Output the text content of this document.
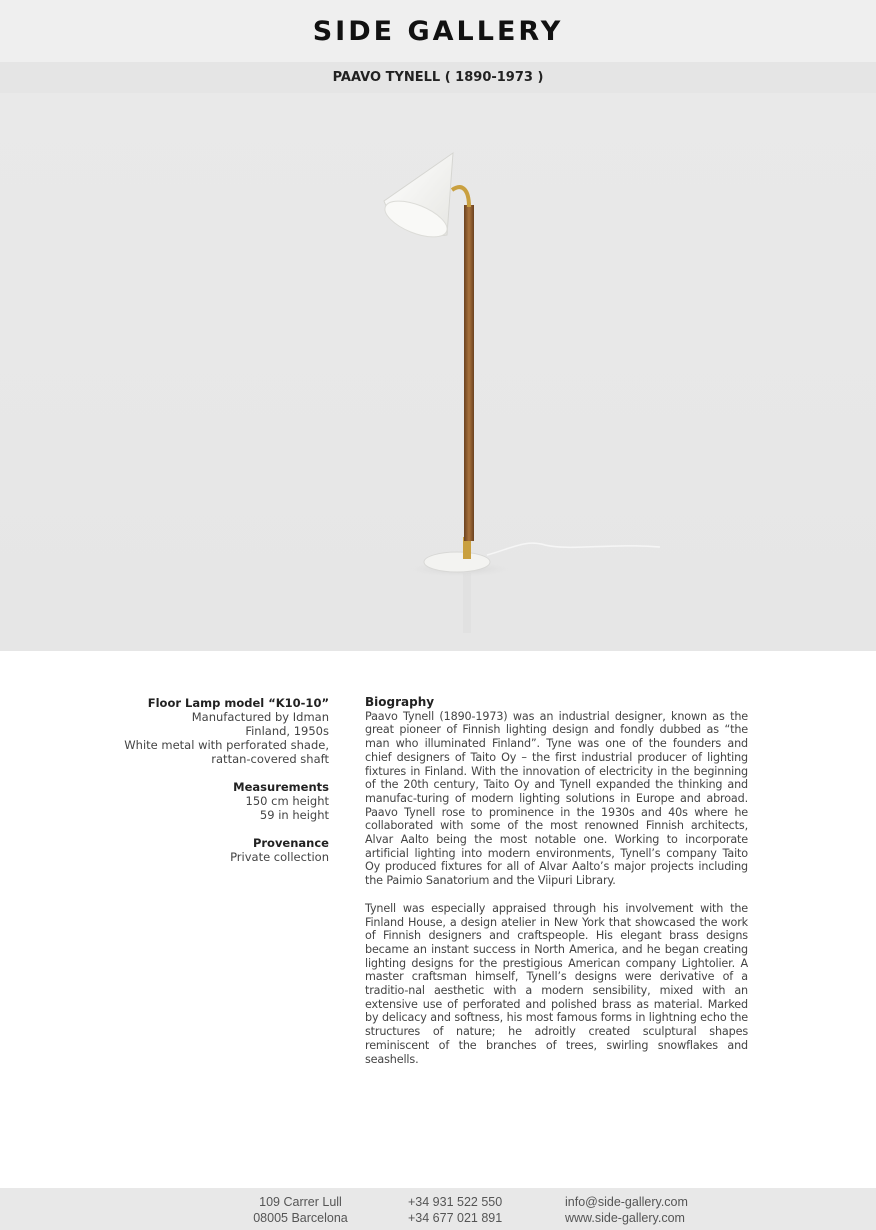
SIDE GALLERY
PAAVO TYNELL ( 1890-1973 )
Floor Lamp model “K10-10”
Manufactured by Idman
Finland, 1950s
White metal with perforated shade,
rattan-covered shaft
Measurements
150 cm height
59 in height
Provenance
Private collection
Biography

Paavo Tynell (1890-1973) was an industrial designer, known as the great pioneer of Finnish lighting design and fondly dubbed as “the man who illuminated Finland”. Tyne was one of the founders and chief designers of Taito Oy – the first industrial producer of lighting fixtures in Finland. With the innovation of electricity in the beginning of the 20th century, Taito Oy and Tynell expanded the thinking and manufac-turing of modern lighting solutions in Europe and abroad. Paavo Tynell rose to prominence in the 1930s and 40s where he collaborated with some of the most renowned Finnish architects, Alvar Aalto being the most notable one. Working to incorporate artificial lighting into modern environments, Tynell’s company Taito Oy produced fixtures for all of Alvar Aalto’s major projects including the Paimio Sanatorium and the Viipuri Library.

Tynell was especially appraised through his involvement with the Finland House, a design atelier in New York that showcased the work of Finnish designers and craftspeople. His elegant brass designs became an instant success in North America, and he began creating lighting designs for the prestigious American company Lightolier. A master craftsman himself, Tynell’s designs were derivative of a traditio-nal aesthetic with a modern sensibility, mixed with an extensive use of perforated and polished brass as material. Marked by delicacy and softness, his most famous forms in lightning echo the structures of nature; he adroitly created sculptural shapes reminiscent of the branches of trees, swirling snowflakes and seashells.

109 Carrer Lull
08005 Barcelona
+34 931 522 550
+34 677 021 891
info@side-gallery.com
www.side-gallery.com
